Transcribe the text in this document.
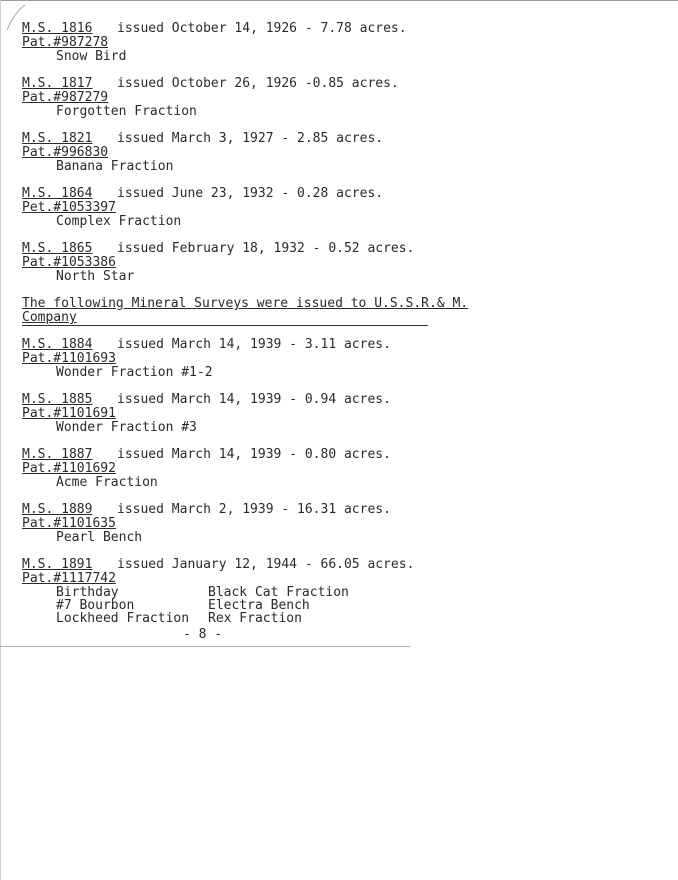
M.S. 1816 issued October 14, 1926 - 7.78 acres.
Pat.#987278
Snow Bird
M.S. 1817 issued October 26, 1926 -0.85 acres.
Pat.#987279
Forgotten Fraction
M.S. 1821 issued March 3, 1927 - 2.85 acres.
Pat.#996830
Banana Fraction
M.S. 1864 issued June 23, 1932 - 0.28 acres.
Pet.#1053397
Complex Fraction
M.S. 1865 issued February 18, 1932 - 0.52 acres.
Pat.#1053386
North Star
The following Mineral Surveys were issued to U.S.S.R.& M.
Company
M.S. 1884 issued March 14, 1939 - 3.11 acres.
Pat.#1101693
Wonder Fraction #1-2
M.S. 1885 issued March 14, 1939 - 0.94 acres.
Pat.#1101691
Wonder Fraction #3
M.S. 1887 issued March 14, 1939 - 0.80 acres.
Pat.#1101692
Acme Fraction
M.S. 1889 issued March 2, 1939 - 16.31 acres.
Pat.#1101635
Pearl Bench
M.S. 1891 issued January 12, 1944 - 66.05 acres.
Pat.#1117742
Birthday	Black Cat Fraction
#7 Bourbon	Electra Bench
Lockheed Fraction Rex Fraction
- 8 -
